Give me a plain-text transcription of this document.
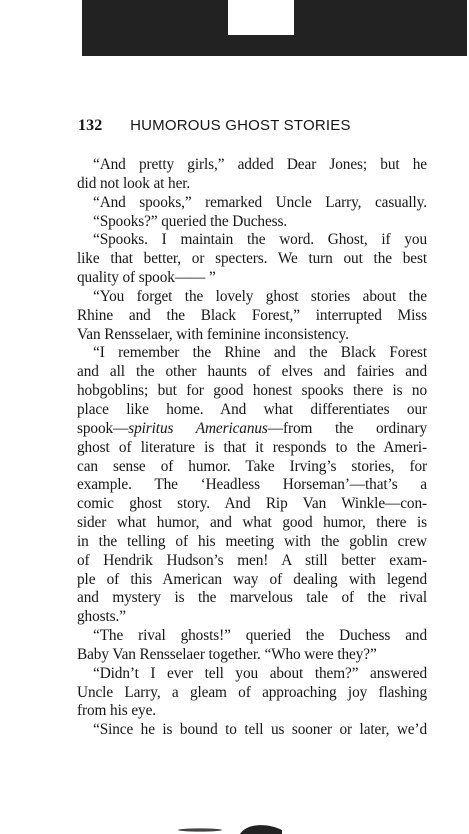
132 HUMOROUS GHOST STORIES
“And pretty girls,” added Dear Jones; but he
did not look at her.
“And spooks,” remarked Uncle Larry, casually.
“Spooks?” queried the Duchess.
“Spooks. I maintain the word. Ghost, if you
like that better, or specters. We turn out the best
quality of spook—— ”
“You forget the lovely ghost stories about the
Rhine and the Black Forest,” interrupted Miss
Van Rensselaer, with feminine inconsistency.
“I remember the Rhine and the Black Forest
and all the other haunts of elves and fairies and
hobgoblins; but for good honest spooks there is no
place like home. And what differentiates our
spook—spiritus Americanus—from the ordinary
ghost of literature is that it responds to the Ameri-
can sense of humor. Take Irving’s stories, for
example. The ‘Headless Horseman’—that’s a
comic ghost story. And Rip Van Winkle—con-
sider what humor, and what good humor, there is
in the telling of his meeting with the goblin crew
of Hendrik Hudson’s men! A still better exam-
ple of this American way of dealing with legend
and mystery is the marvelous tale of the rival
ghosts.”
“The rival ghosts!” queried the Duchess and
Baby Van Rensselaer together. “Who were they?”
“Didn’t I ever tell you about them?” answered
Uncle Larry, a gleam of approaching joy flashing
from his eye.
“Since he is bound to tell us sooner or later, we’d
